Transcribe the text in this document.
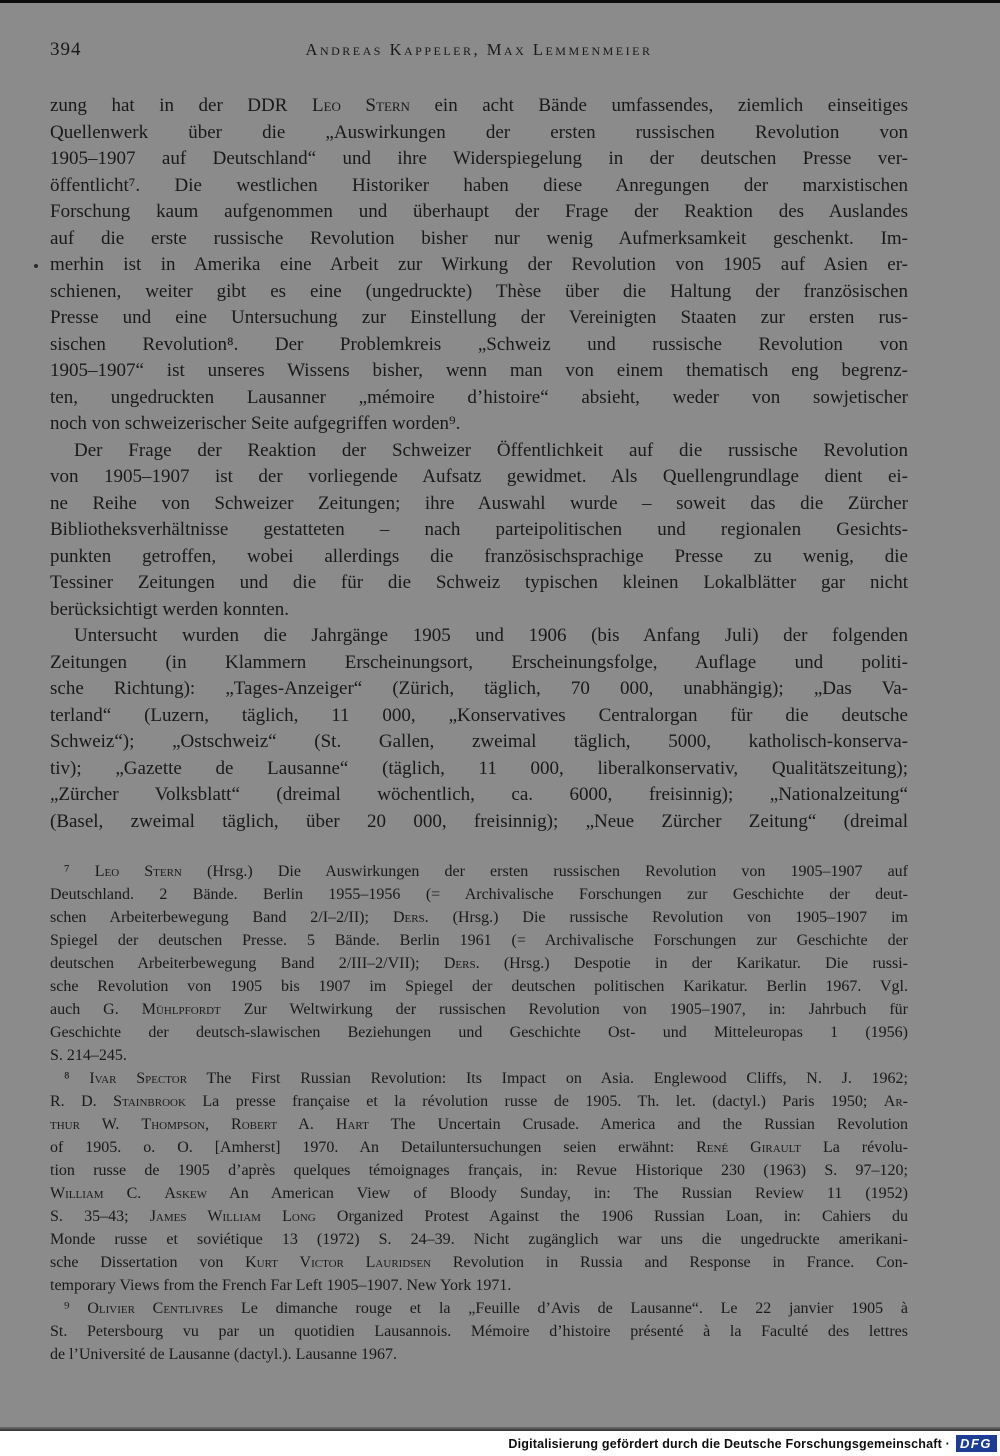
394	Andreas Kappeler, Max Lemmenmeier
zung hat in der DDR Leo Stern ein acht Bände umfassendes, ziemlich einseitiges
Quellenwerk über die „Auswirkungen der ersten russischen Revolution von
1905–1907 auf Deutschland“ und ihre Widerspiegelung in der deutschen Presse ver-
öffentlicht⁷. Die westlichen Historiker haben diese Anregungen der marxistischen
Forschung kaum aufgenommen und überhaupt der Frage der Reaktion des Auslandes
auf die erste russische Revolution bisher nur wenig Aufmerksamkeit geschenkt. Im-
merhin ist in Amerika eine Arbeit zur Wirkung der Revolution von 1905 auf Asien er-
schienen, weiter gibt es eine (ungedruckte) Thèse über die Haltung der französischen
Presse und eine Untersuchung zur Einstellung der Vereinigten Staaten zur ersten rus-
sischen Revolution⁸. Der Problemkreis „Schweiz und russische Revolution von
1905–1907“ ist unseres Wissens bisher, wenn man von einem thematisch eng begrenz-
ten, ungedruckten Lausanner „mémoire d’histoire“ absieht, weder von sowjetischer
noch von schweizerischer Seite aufgegriffen worden⁹.
Der Frage der Reaktion der Schweizer Öffentlichkeit auf die russische Revolution
von 1905–1907 ist der vorliegende Aufsatz gewidmet. Als Quellengrundlage dient ei-
ne Reihe von Schweizer Zeitungen; ihre Auswahl wurde – soweit das die Zürcher
Bibliotheksverhältnisse gestatteten – nach parteipolitischen und regionalen Gesichts-
punkten getroffen, wobei allerdings die französischsprachige Presse zu wenig, die
Tessiner Zeitungen und die für die Schweiz typischen kleinen Lokalblätter gar nicht
berücksichtigt werden konnten.
Untersucht wurden die Jahrgänge 1905 und 1906 (bis Anfang Juli) der folgenden
Zeitungen (in Klammern Erscheinungsort, Erscheinungsfolge, Auflage und politi-
sche Richtung): „Tages-Anzeiger“ (Zürich, täglich, 70 000, unabhängig); „Das Va-
terland“ (Luzern, täglich, 11 000, „Konservatives Centralorgan für die deutsche
Schweiz“); „Ostschweiz“ (St. Gallen, zweimal täglich, 5000, katholisch-konserva-
tiv); „Gazette de Lausanne“ (täglich, 11 000, liberalkonservativ, Qualitätszeitung);
„Zürcher Volksblatt“ (dreimal wöchentlich, ca. 6000, freisinnig); „Nationalzeitung“
(Basel, zweimal täglich, über 20 000, freisinnig); „Neue Zürcher Zeitung“ (dreimal
⁷ Leo Stern (Hrsg.) Die Auswirkungen der ersten russischen Revolution von 1905–1907 auf
Deutschland. 2 Bände. Berlin 1955–1956 (= Archivalische Forschungen zur Geschichte der deut-
schen Arbeiterbewegung Band 2/I–2/II); Ders. (Hrsg.) Die russische Revolution von 1905–1907 im
Spiegel der deutschen Presse. 5 Bände. Berlin 1961 (= Archivalische Forschungen zur Geschichte der
deutschen Arbeiterbewegung Band 2/III–2/VII); Ders. (Hrsg.) Despotie in der Karikatur. Die russi-
sche Revolution von 1905 bis 1907 im Spiegel der deutschen politischen Karikatur. Berlin 1967. Vgl.
auch G. Mühlpfordt Zur Weltwirkung der russischen Revolution von 1905–1907, in: Jahrbuch für
Geschichte der deutsch-slawischen Beziehungen und Geschichte Ost- und Mitteleuropas 1 (1956)
S. 214–245.
⁸ Ivar Spector The First Russian Revolution: Its Impact on Asia. Englewood Cliffs, N. J. 1962;
R. D. Stainbrook La presse française et la révolution russe de 1905. Th. let. (dactyl.) Paris 1950; Ar-
thur W. Thompson, Robert A. Hart The Uncertain Crusade. America and the Russian Revolution
of 1905. o. O. [Amherst] 1970. An Detailuntersuchungen seien erwähnt: René Girault La révolu-
tion russe de 1905 d’après quelques témoignages français, in: Revue Historique 230 (1963) S. 97–120;
William C. Askew An American View of Bloody Sunday, in: The Russian Review 11 (1952)
S. 35–43; James William Long Organized Protest Against the 1906 Russian Loan, in: Cahiers du
Monde russe et soviétique 13 (1972) S. 24–39. Nicht zugänglich war uns die ungedruckte amerikani-
sche Dissertation von Kurt Victor Lauridsen Revolution in Russia and Response in France. Con-
temporary Views from the French Far Left 1905–1907. New York 1971.
⁹ Olivier Centlivres Le dimanche rouge et la „Feuille d’Avis de Lausanne“. Le 22 janvier 1905 à
St. Petersbourg vu par un quotidien Lausannois. Mémoire d’histoire présenté à la Faculté des lettres
de l’Université de Lausanne (dactyl.). Lausanne 1967.
Digitalisierung gefördert durch die Deutsche Forschungsgemeinschaft · DFG
